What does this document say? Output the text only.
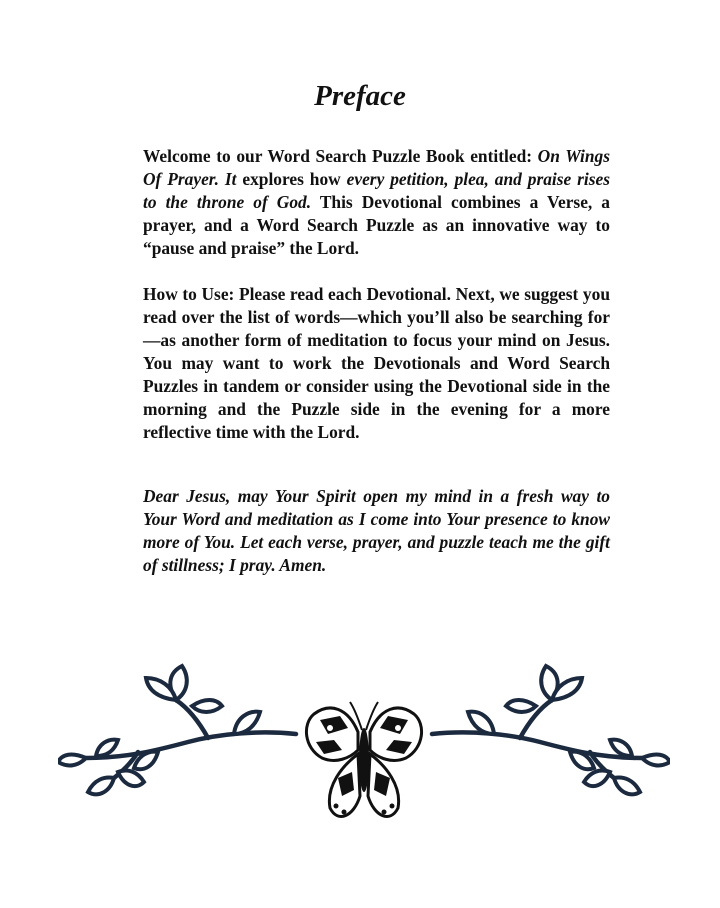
Preface

Welcome to our Word Search Puzzle Book entitled: On Wings Of Prayer. It explores how every petition, plea, and praise rises to the throne of God. This Devotional combines a Verse, a prayer, and a Word Search Puzzle as an innovative way to “pause and praise” the Lord.

How to Use: Please read each Devotional. Next, we suggest you read over the list of words—which you’ll also be searching for—as another form of meditation to focus your mind on Jesus. You may want to work the Devotionals and Word Search Puzzles in tandem or consider using the Devotional side in the morning and the Puzzle side in the evening for a more reflective time with the Lord.

Dear Jesus, may Your Spirit open my mind in a fresh way to Your Word and meditation as I come into Your presence to know more of You. Let each verse, prayer, and puzzle teach me the gift of stillness; I pray. Amen.
